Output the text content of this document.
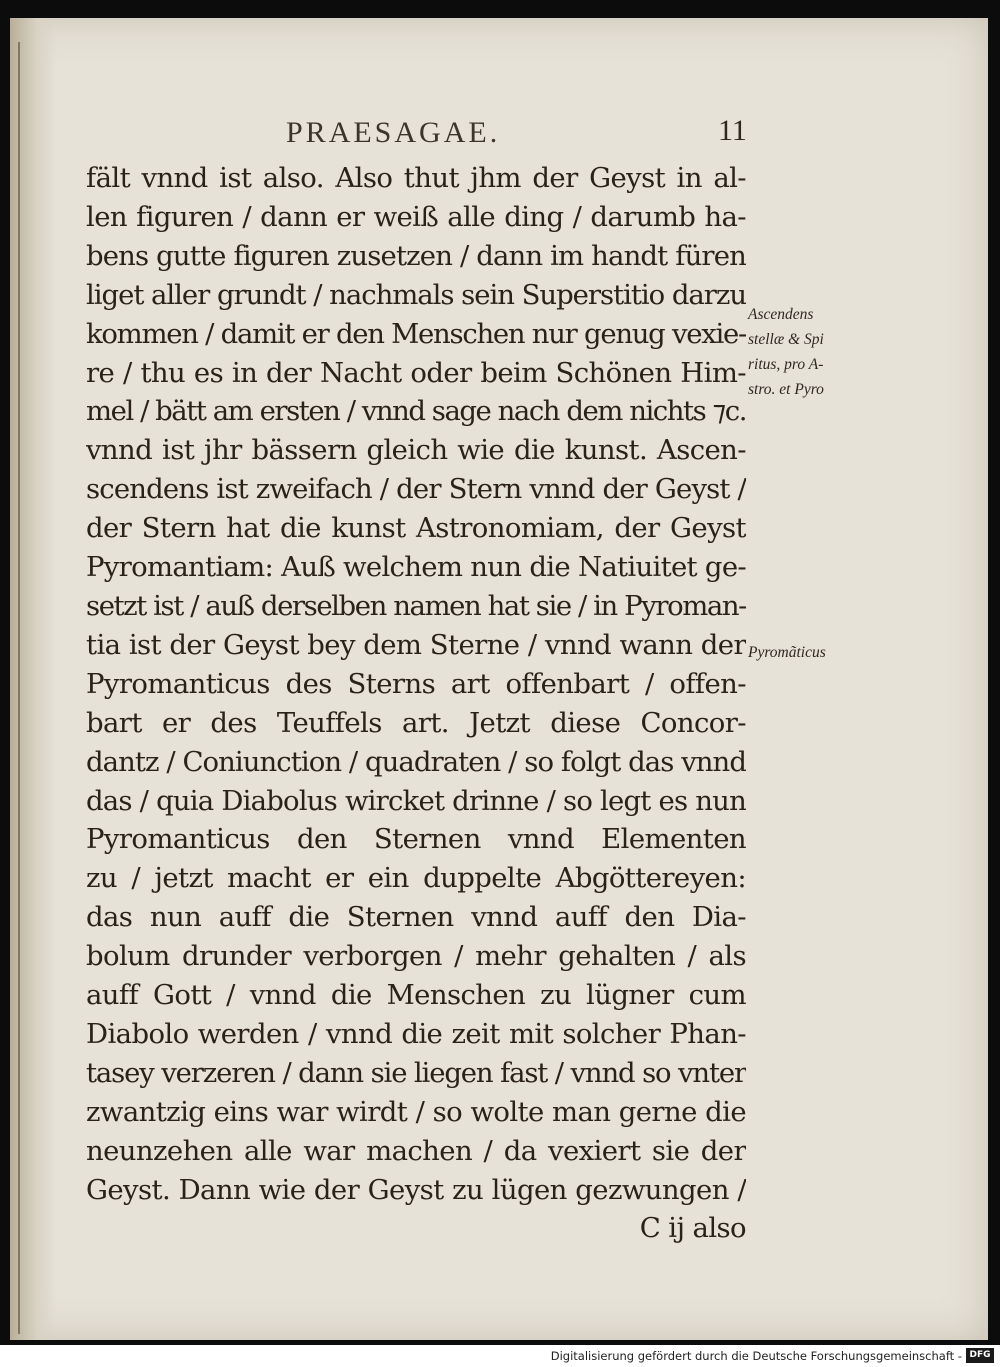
PRAESAGAE.	11
fält vnnd ist also. Also thut jhm der Geyst in al-
len figuren / dann er weiß alle ding / darumb ha-
bens gutte figuren zusetzen / dann im handt füren
liget aller grundt / nachmals sein Superstitio darzu
kommen / damit er den Menschen nur genug vexie-
re / thu es in der Nacht oder beim Schönen Him-
mel / bätt am ersten / vnnd sage nach dem nichts ⁊c.
vnnd ist jhr bässern gleich wie die kunst. Ascen-
scendens ist zweifach / der Stern vnnd der Geyst /
der Stern hat die kunst Astronomiam, der Geyst
Pyromantiam: Auß welchem nun die Natiuitet ge-
setzt ist / auß derselben namen hat sie / in Pyroman-
tia ist der Geyst bey dem Sterne / vnnd wann der
Pyromanticus des Sterns art offenbart / offen-
bart er des Teuffels art. Jetzt diese Concor-
dantz / Coniunction / quadraten / so folgt das vnnd
das / quia Diabolus wircket drinne / so legt es nun
Pyromanticus den Sternen vnnd Elementen
zu / jetzt macht er ein duppelte Abgöttereyen:
das nun auff die Sternen vnnd auff den Dia-
bolum drunder verborgen / mehr gehalten / als
auff Gott / vnnd die Menschen zu lügner cum
Diabolo werden / vnnd die zeit mit solcher Phan-
tasey verzeren / dann sie liegen fast / vnnd so vnter
zwantzig eins war wirdt / so wolte man gerne die
neunzehen alle war machen / da vexiert sie der
Geyst. Dann wie der Geyst zu lügen gezwungen /
C ij also
Ascendens
stellæ & Spi
ritus, pro A-
stro. et Pyro
Pyromãticus
Digitalisierung gefördert durch die Deutsche Forschungsgemeinschaft - DFG
